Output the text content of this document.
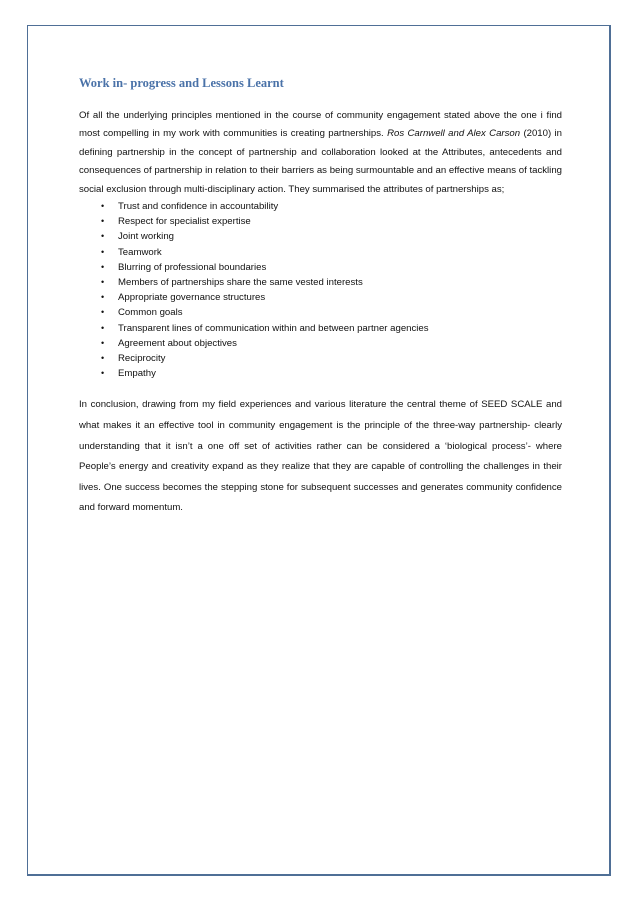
Work in- progress and Lessons Learnt

Of all the underlying principles mentioned in the course of community engagement stated above the one i find most compelling in my work with communities is creating partnerships. Ros Carnwell and Alex Carson (2010) in defining partnership in the concept of partnership and collaboration looked at the Attributes, antecedents and consequences of partnership in relation to their barriers as being surmountable and an effective means of tackling social exclusion through multi-disciplinary action. They summarised the attributes of partnerships as;

• Trust and confidence in accountability
• Respect for specialist expertise
• Joint working
• Teamwork
• Blurring of professional boundaries
• Members of partnerships share the same vested interests
• Appropriate governance structures
• Common goals
• Transparent lines of communication within and between partner agencies
• Agreement about objectives
• Reciprocity
• Empathy

In conclusion, drawing from my field experiences and various literature the central theme of SEED SCALE and what makes it an effective tool in community engagement is the principle of the three-way partnership- clearly understanding that it isn’t a one off set of activities rather can be considered a ‘biological process’- where People’s energy and creativity expand as they realize that they are capable of controlling the challenges in their lives. One success becomes the stepping stone for subsequent successes and generates community confidence and forward momentum.
